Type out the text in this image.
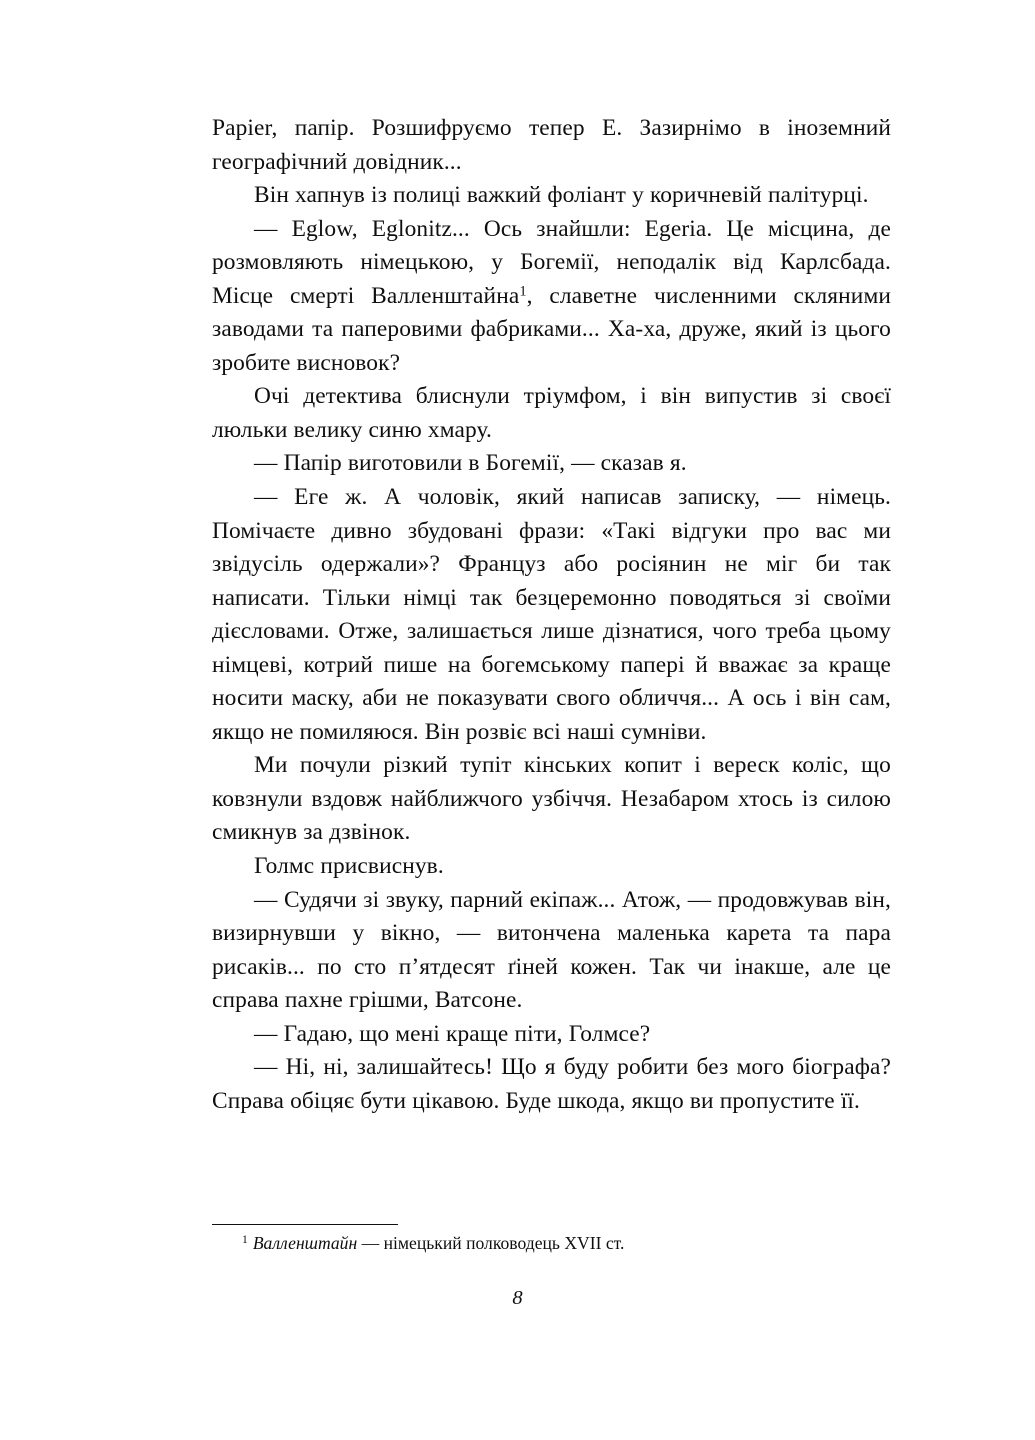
Papier, папір. Розшифруємо тепер Е. Зазирнімо в іноземний географічний довідник...

Він хапнув із полиці важкий фоліант у коричневій палітурці.

— Eglow, Eglonitz... Ось знайшли: Egeria. Це місцина, де розмовляють німецькою, у Богемії, неподалік від Карлсбада. Місце смерті Валленштайна$^1$, славетне численними скляними заводами та паперовими фабриками... Ха-ха, друже, який із цього зробите висновок?

Очі детектива блиснули тріумфом, і він випустив зі своєї люльки велику синю хмару.

— Папір виготовили в Богемії, — сказав я.

— Еге ж. А чоловік, який написав записку, — німець. Помічаєте дивно збудовані фрази: «Такі відгуки про вас ми звідусіль одержали»? Француз або росіянин не міг би так написати. Тільки німці так безцеремонно поводяться зі своїми дієсловами. Отже, залишається лише дізнатися, чого треба цьому німцеві, котрий пише на богемському папері й вважає за краще носити маску, аби не показувати свого обличчя... А ось і він сам, якщо не помиляюся. Він розвіє всі наші сумніви.

Ми почули різкий тупіт кінських копит і вереск коліс, що ковзнули вздовж найближчого узбіччя. Незабаром хтось із силою смикнув за дзвінок.

Голмс присвиснув.

— Судячи зі звуку, парний екіпаж... Атож, — продовжував він, визирнувши у вікно, — витончена маленька карета та пара рисаків... по сто п’ятдесят ґіней кожен. Так чи інакше, але це справа пахне грішми, Ватсоне.

— Гадаю, що мені краще піти, Голмсе?

— Ні, ні, залишайтесь! Що я буду робити без мого біографа? Справа обіцяє бути цікавою. Буде шкода, якщо ви пропустите її.

$^1$ Валленштайн — німецький полководець XVII ст.

8
